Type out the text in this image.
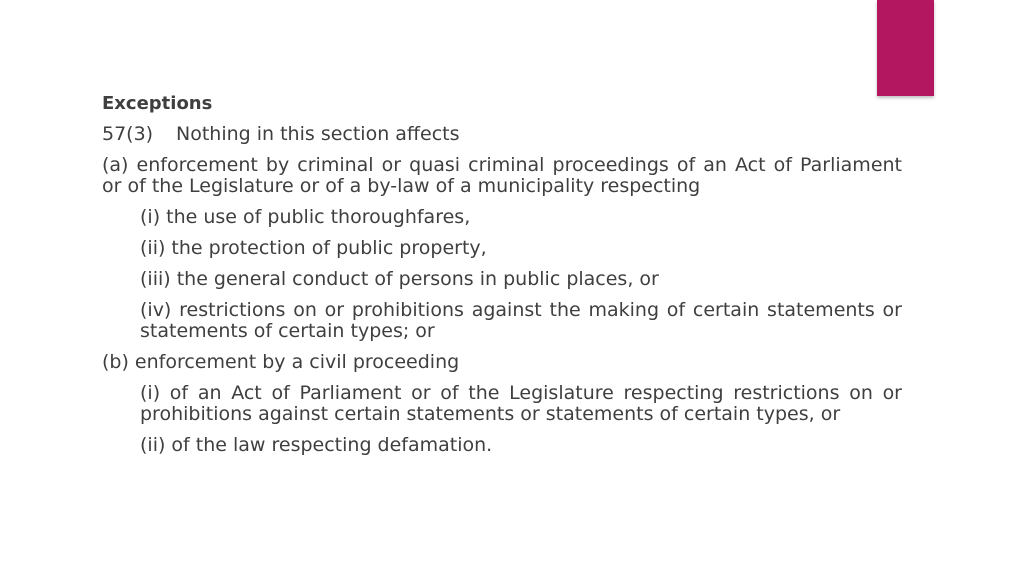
Exceptions
57(3) Nothing in this section affects
(a) enforcement by criminal or quasi criminal proceedings of an Act of Parliament or of the Legislature or of a by-law of a municipality respecting
(i) the use of public thoroughfares,
(ii) the protection of public property,
(iii) the general conduct of persons in public places, or
(iv) restrictions on or prohibitions against the making of certain statements or statements of certain types; or
(b) enforcement by a civil proceeding
(i) of an Act of Parliament or of the Legislature respecting restrictions on or prohibitions against certain statements or statements of certain types, or
(ii) of the law respecting defamation.
